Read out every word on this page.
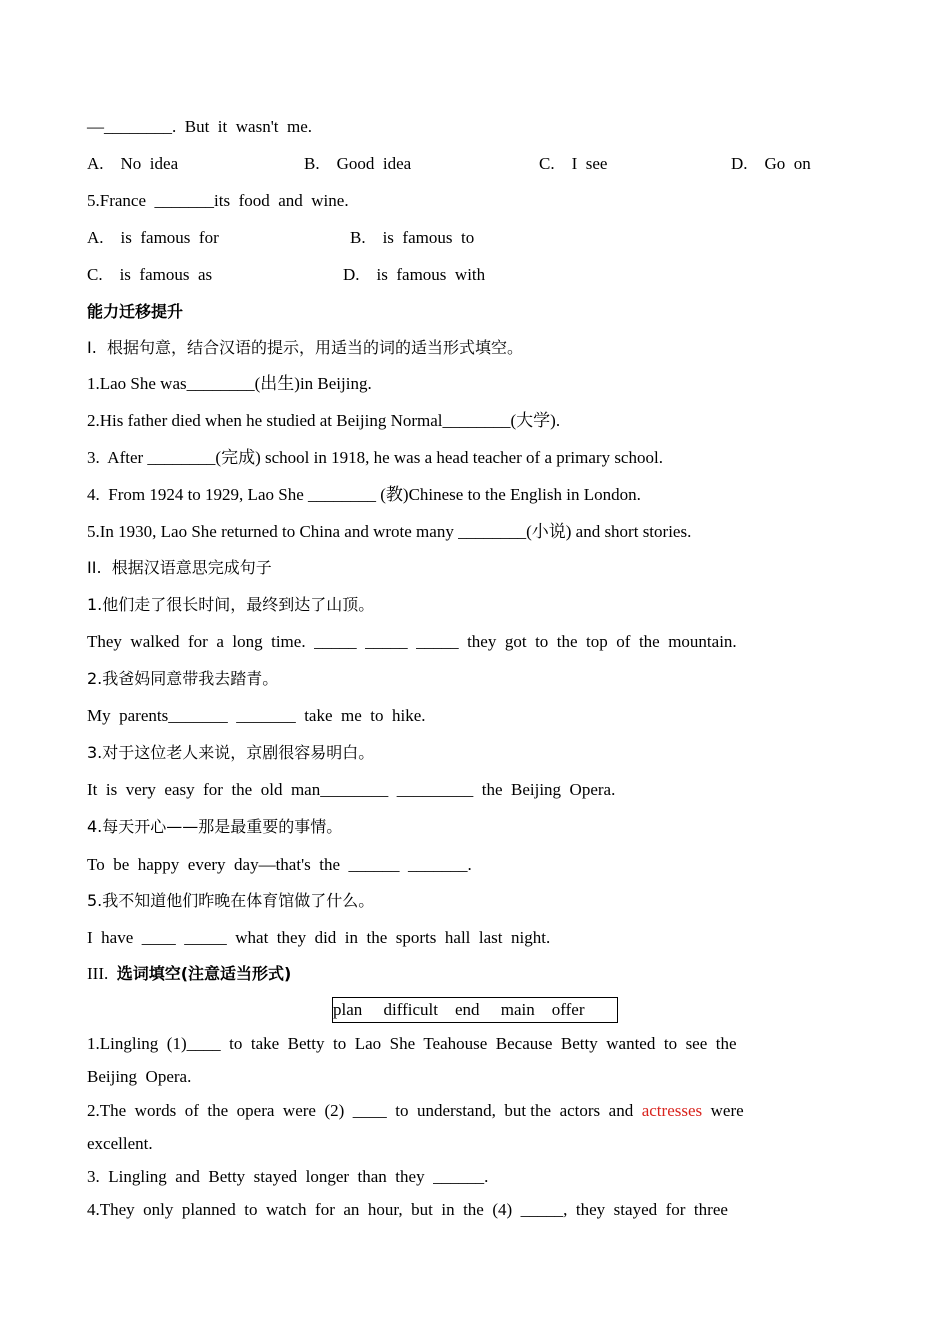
—________.  But  it  wasn't  me.
A.    No  idea	B.    Good  idea	C.    I  see	D.    Go  on
5.France  _______its  food  and  wine.
A.    is  famous  for	B.    is  famous  to
C.    is  famous  as	D.    is  famous  with
能力迁移提升
I.  根据句意，结合汉语的提示，用适当的词的适当形式填空。
1.Lao She was________(出生)in Beijing.
2.His father died when he studied at Beijing Normal________(大学).
3.  After ________(完成) school in 1918, he was a head teacher of a primary school.
4.  From 1924 to 1929, Lao She ________ (教)Chinese to the English in London.
5.In 1930, Lao She returned to China and wrote many ________(小说) and short stories.
II.  根据汉语意思完成句子
1.他们走了很长时间，最终到达了山顶。
They  walked  for  a  long  time.  _____  _____  _____  they  got  to  the  top  of  the  mountain.
2.我爸妈同意带我去踏青。
My  parents_______  _______  take  me  to  hike.
3.对于这位老人来说，京剧很容易明白。
It  is  very  easy  for  the  old  man________  _________  the  Beijing  Opera.
4.每天开心——那是最重要的事情。
To  be  happy  every  day—that's  the  ______  _______.
5.我不知道他们昨晚在体育馆做了什么。
I  have  ____  _____  what  they  did  in  the  sports  hall  last  night.
III.  选词填空(注意适当形式)
plan     difficult    end     main    offer
1.Lingling  (1)____  to  take  Betty  to  Lao  She  Teahouse  Because  Betty  wanted  to  see  the
Beijing  Opera.
2.The  words  of  the  opera  were  (2)  ____  to  understand,  but the  actors  and  actresses  were
excellent.
3.  Lingling  and  Betty  stayed  longer  than  they  ______.
4.They  only  planned  to  watch  for  an  hour,  but  in  the  (4)  _____,  they  stayed  for  three
